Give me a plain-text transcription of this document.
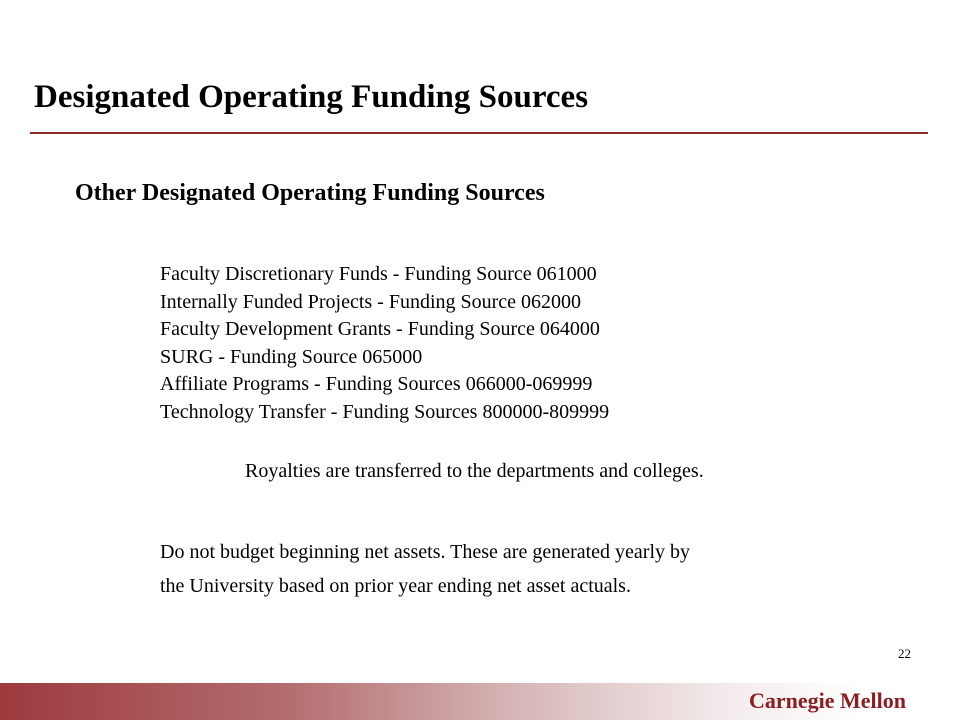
Designated Operating Funding Sources
Other Designated Operating Funding Sources
Faculty Discretionary Funds - Funding Source 061000
Internally Funded Projects - Funding Source 062000
Faculty Development Grants - Funding Source 064000
SURG - Funding Source 065000
Affiliate Programs - Funding Sources 066000-069999
Technology Transfer - Funding Sources 800000-809999

Royalties are transferred to the departments and colleges.

Do not budget beginning net assets. These are generated yearly by
the University based on prior year ending net asset actuals.
22
Carnegie Mellon
